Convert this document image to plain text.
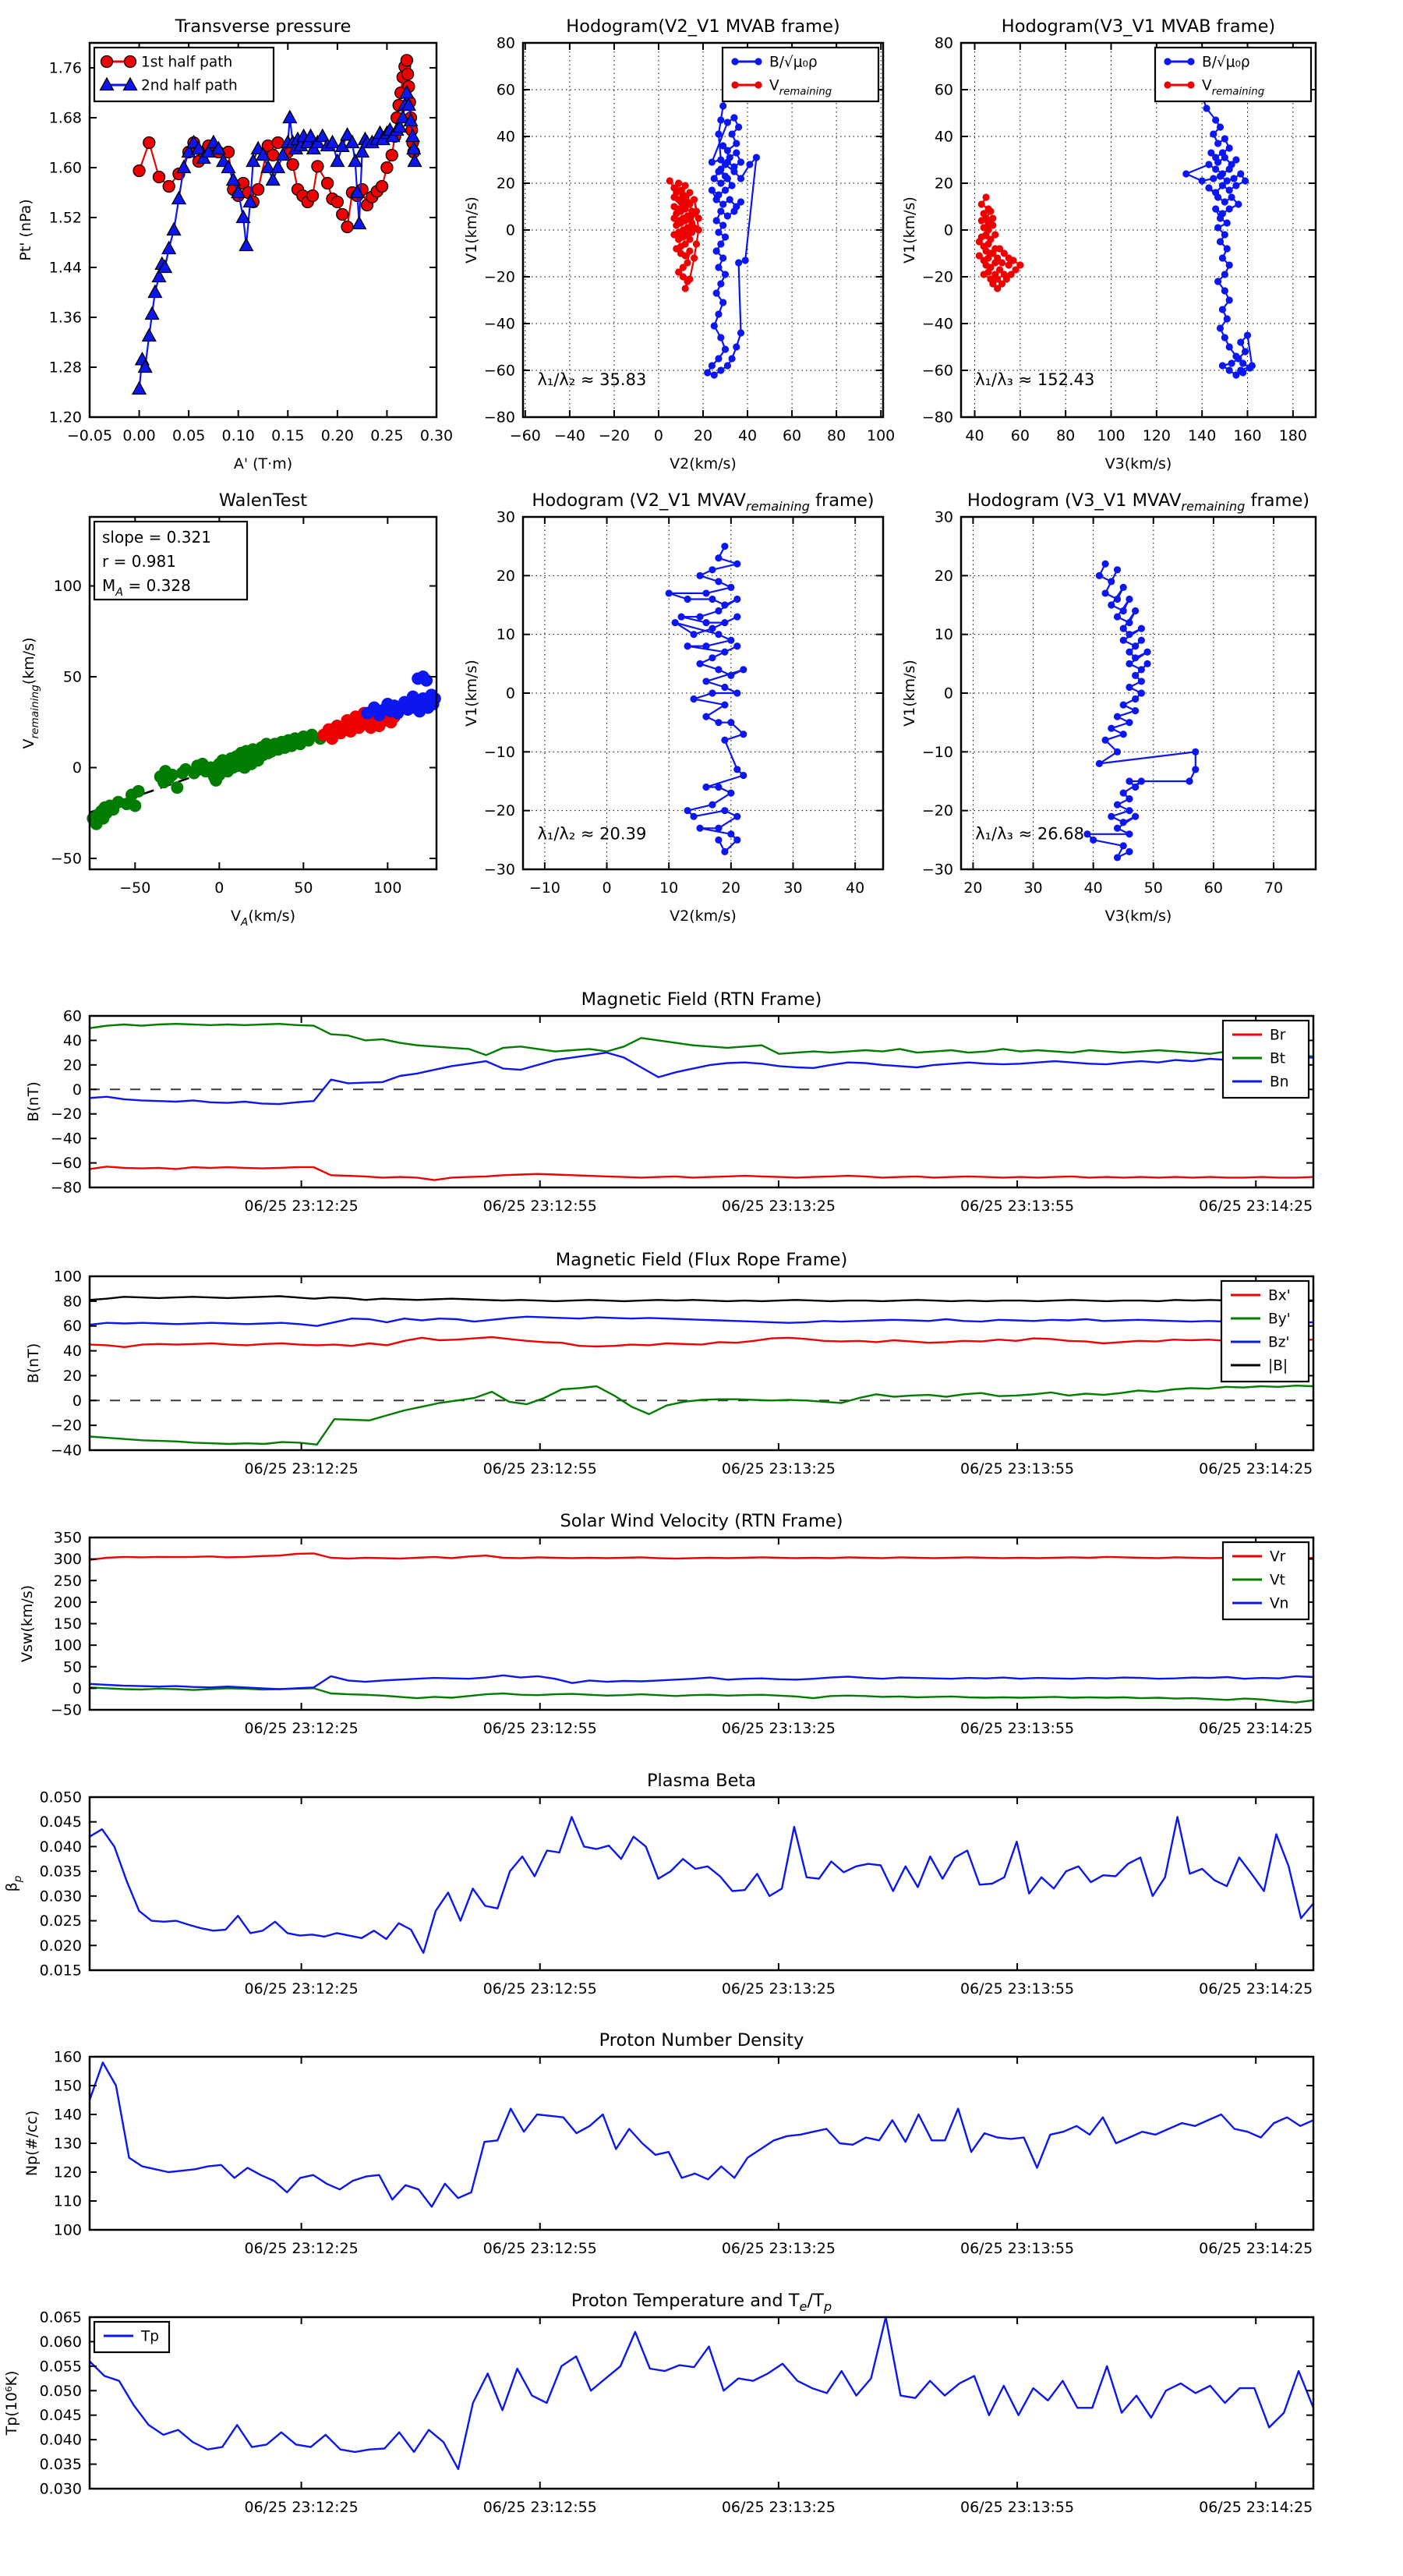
−0.05 0.00 0.05 0.10 0.15 0.20 0.25 0.30
1.20
1.28
1.36
1.44
1.52
1.60
1.68
1.76
Transverse pressure
A' (T·m)
Pt' (nPa)
1st half path
2nd half path
−60 −40 −20 0 20 40 60 80 100
−80
−60
−40
−20
0
20
40
60
80
Hodogram(V2_V1 MVAB frame)
V2(km/s)
V1(km/s)
λ₁/λ₂ ≈ 35.83
B/√μ₀ρ
$V_{remaining}$
40 60 80 100 120 140 160 180
−80
−60
−40
−20
0
20
40
60
80
Hodogram(V3_V1 MVAB frame)
V3(km/s)
V1(km/s)
λ₁/λ₃ ≈ 152.43
B/√μ₀ρ
$V_{remaining}$
−50	0	50	100
−50
0
50
100
WalenTest
$V_A(km/s)$
$V_{remaining}(km/s)$
slope = 0.321
r = 0.981
$M_A = 0.328$
−10	0	10	20	30	40
−30
−20
−10
0
10
20
30
Hodogram (V2_V1 $MVAV_{remaining}$ frame)
V2(km/s)
V1(km/s)
λ₁/λ₂ ≈ 20.39
20	30	40	50	60	70
−30
−20
−10
0
10
20
30
Hodogram (V3_V1 $MVAV_{remaining}$ frame)
V3(km/s)
V1(km/s)
λ₁/λ₃ ≈ 26.68
06/25 23:12:25	06/25 23:12:55	06/25 23:13:25	06/25 23:13:55	06/25 23:14:25
−80
−60
−40
−20
0
20
40
60
Magnetic Field (RTN Frame)
B(nT)
Br
Bt
Bn
06/25 23:12:25	06/25 23:12:55	06/25 23:13:25	06/25 23:13:55	06/25 23:14:25
−40
−20
0
20
40
60
80
100
Magnetic Field (Flux Rope Frame)
B(nT)
Bx'
By'
Bz'
|B|
06/25 23:12:25	06/25 23:12:55	06/25 23:13:25	06/25 23:13:55	06/25 23:14:25
−50
0
50
100
150
200
250
300
350
Solar Wind Velocity (RTN Frame)
Vsw(km/s)
Vr
Vt
Vn
06/25 23:12:25	06/25 23:12:55	06/25 23:13:25	06/25 23:13:55	06/25 23:14:25
0.015
0.020
0.025
0.030
0.035
0.040
0.045
0.050
Plasma Beta
$\beta_p$
06/25 23:12:25	06/25 23:12:55	06/25 23:13:25	06/25 23:13:55	06/25 23:14:25
100
110
120
130
140
150
160
Proton Number Density
Np(#/cc)
06/25 23:12:25	06/25 23:12:55	06/25 23:13:25	06/25 23:13:55	06/25 23:14:25
0.030
0.035
0.040
0.045
0.050
0.055
0.060
0.065
Proton Temperature and $T_e/T_p$
Tp(10⁶K)
Tp
